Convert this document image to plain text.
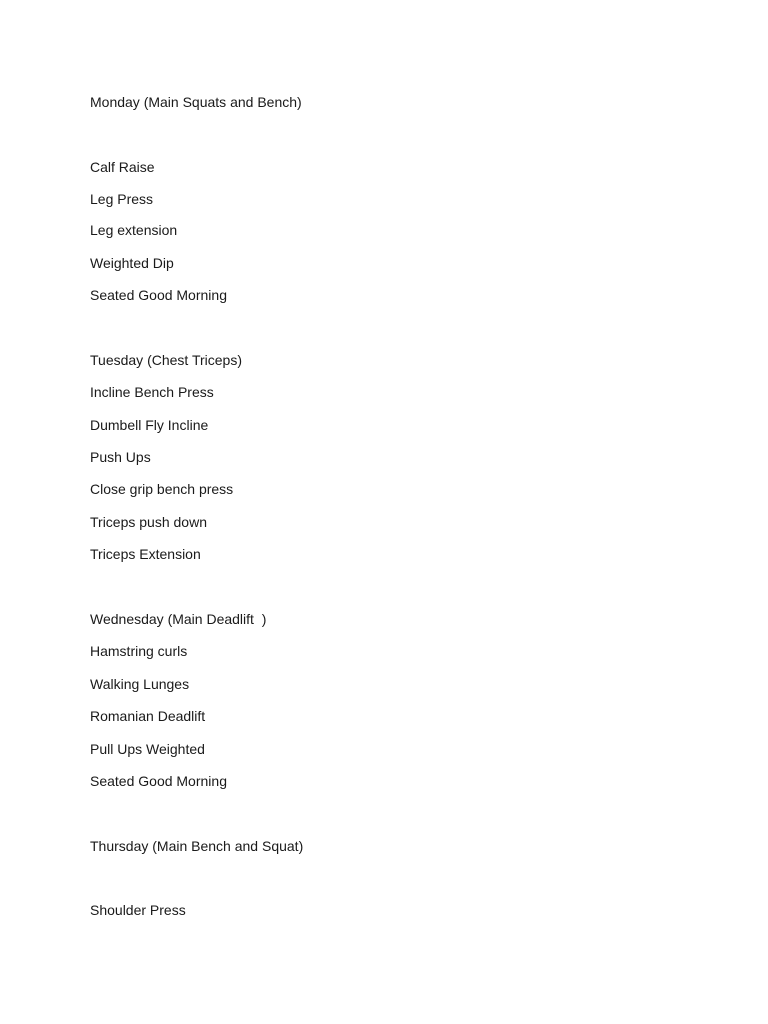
Monday (Main Squats and Bench)
Calf Raise
Leg Press
Leg extension
Weighted Dip
Seated Good Morning
Tuesday (Chest Triceps)
Incline Bench Press
Dumbell Fly Incline
Push Ups
Close grip bench press
Triceps push down
Triceps Extension
Wednesday (Main Deadlift  )
Hamstring curls
Walking Lunges
Romanian Deadlift
Pull Ups Weighted
Seated Good Morning
Thursday (Main Bench and Squat)
Shoulder Press
